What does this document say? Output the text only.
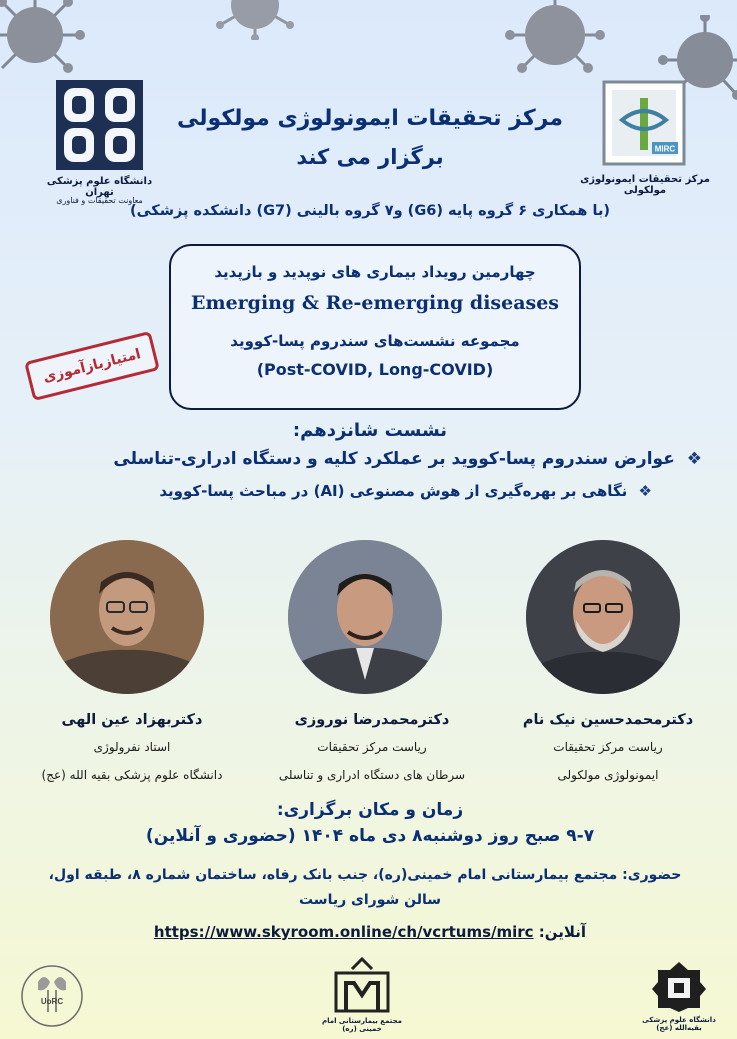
دانشگاه علوم پزشکی تهران
معاونت تحقیقات و فناوری
MIRC
مرکز تحقیقات ایمونولوژی مولکولی
مرکز تحقیقات ایمونولوژی مولکولی
برگزار می کند
(با همکاری ۶ گروه پایه (G6) و۷ گروه بالینی (G7) دانشکده پزشکی)
چهارمین رویداد بیماری های نوپدید و بازپدید
Emerging & Re-emerging diseases
مجموعه نشست‌های سندروم پسا-کووید
(Post-COVID, Long-COVID)
امتیازبازآموزی
نشست شانزدهم:
❖ عوارض سندروم پسا-کووید بر عملکرد کلیه و دستگاه ادراری-تناسلی
❖ نگاهی بر بهره‌گیری از هوش مصنوعی (AI) در مباحث پسا-کووید
دکترمحمدحسین نیک نام
ریاست مرکز تحقیقات
ایمونولوژی مولکولی
دکترمحمدرضا نوروزی
ریاست مرکز تحقیقات
سرطان های دستگاه ادراری و تناسلی
دکتربهزاد عین الهی
استاد نفرولوژی
دانشگاه علوم پزشکی بقیه الله (عج)
زمان و مکان برگزاری:
۹-۷ صبح روز دوشنبه۸ دی ماه ۱۴۰۴ (حضوری و آنلاین)
حضوری: مجتمع بیمارستانی امام خمینی(ره)، جنب بانک رفاه، ساختمان شماره ۸، طبقه اول،
سالن شورای ریاست
آنلاین: https://www.skyroom.online/ch/vcrtums/mirc
UoRC
مجتمع بیمارستانی امام خمینی (ره)
دانشگاه علوم پزشکی بقیه‌الله (عج)
